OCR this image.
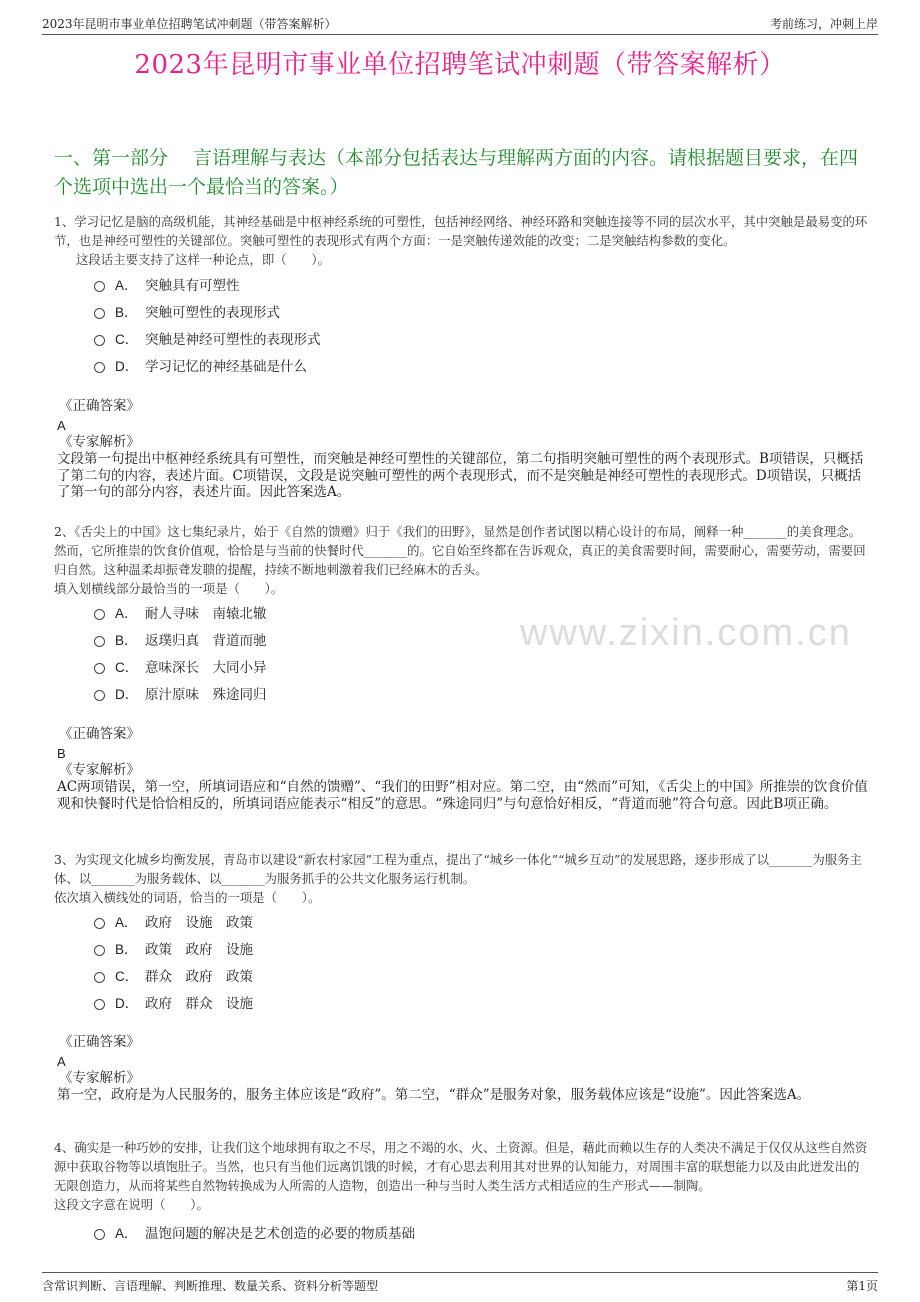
2023年昆明市事业单位招聘笔试冲刺题（带答案解析）	考前练习，冲刺上岸
2023年昆明市事业单位招聘笔试冲刺题（带答案解析）
一、第一部分　 言语理解与表达（本部分包括表达与理解两方面的内容。请根据题目要求，在四个选项中选出一个最恰当的答案。）
1、学习记忆是脑的高级机能，其神经基础是中枢神经系统的可塑性，包括神经网络、神经环路和突触连接等不同的层次水平，其中突触是最易变的环节，也是神经可塑性的关键部位。突触可塑性的表现形式有两个方面：一是突触传递效能的改变；二是突触结构参数的变化。
这段话主要支持了这样一种论点，即（　　）。
A． 突触具有可塑性
B． 突触可塑性的表现形式
C． 突触是神经可塑性的表现形式
D． 学习记忆的神经基础是什么
《正确答案》
A
《专家解析》
文段第一句提出中枢神经系统具有可塑性，而突触是神经可塑性的关键部位，第二句指明突触可塑性的两个表现形式。B项错误，只概括了第二句的内容，表述片面。C项错误，文段是说突触可塑性的两个表现形式，而不是突触是神经可塑性的表现形式。D项错误，只概括了第一句的部分内容，表述片面。因此答案选A。
2、《舌尖上的中国》这七集纪录片，始于《自然的馈赠》归于《我们的田野》，显然是创作者试图以精心设计的布局，阐释一种_______的美食理念。然而，它所推崇的饮食价值观，恰恰是与当前的快餐时代_______的。它自始至终都在告诉观众，真正的美食需要时间，需要耐心，需要劳动，需要回归自然。这种温柔却振聋发聩的提醒，持续不断地刺激着我们已经麻木的舌头。
填入划横线部分最恰当的一项是（　　）。
A． 耐人寻味　南辕北辙
B． 返璞归真　背道而驰
C． 意味深长　大同小异
D． 原汁原味　殊途同归
《正确答案》
B
《专家解析》
AC两项错误，第一空，所填词语应和“自然的馈赠”、“我们的田野”相对应。第二空，由“然而”可知，《舌尖上的中国》所推崇的饮食价值观和快餐时代是恰恰相反的，所填词语应能表示“相反”的意思。“殊途同归”与句意恰好相反，“背道而驰”符合句意。因此B项正确。
3、为实现文化城乡均衡发展，青岛市以建设“新农村家园”工程为重点，提出了“城乡一体化”“城乡互动”的发展思路，逐步形成了以_______为服务主体、以_______为服务载体、以_______为服务抓手的公共文化服务运行机制。
依次填入横线处的词语，恰当的一项是（　　）。
A． 政府　设施　政策
B． 政策　政府　设施
C． 群众　政府　政策
D． 政府　群众　设施
《正确答案》
A
《专家解析》
第一空，政府是为人民服务的，服务主体应该是“政府”。第二空，“群众”是服务对象，服务载体应该是“设施”。因此答案选A。
4、确实是一种巧妙的安排，让我们这个地球拥有取之不尽，用之不竭的水、火、土资源。但是，藉此而赖以生存的人类决不满足于仅仅从这些自然资源中获取谷物等以填饱肚子。当然，也只有当他们远离饥饿的时候，才有心思去利用其对世界的认知能力，对周围丰富的联想能力以及由此迸发出的无限创造力，从而将某些自然物转换成为人所需的人造物，创造出一种与当时人类生活方式相适应的生产形式——制陶。
这段文字意在说明（　　）。
A． 温饱问题的解决是艺术创造的必要的物质基础
www.zixin.com.cn
含常识判断、言语理解、判断推理、数量关系、资料分析等题型	第1页
